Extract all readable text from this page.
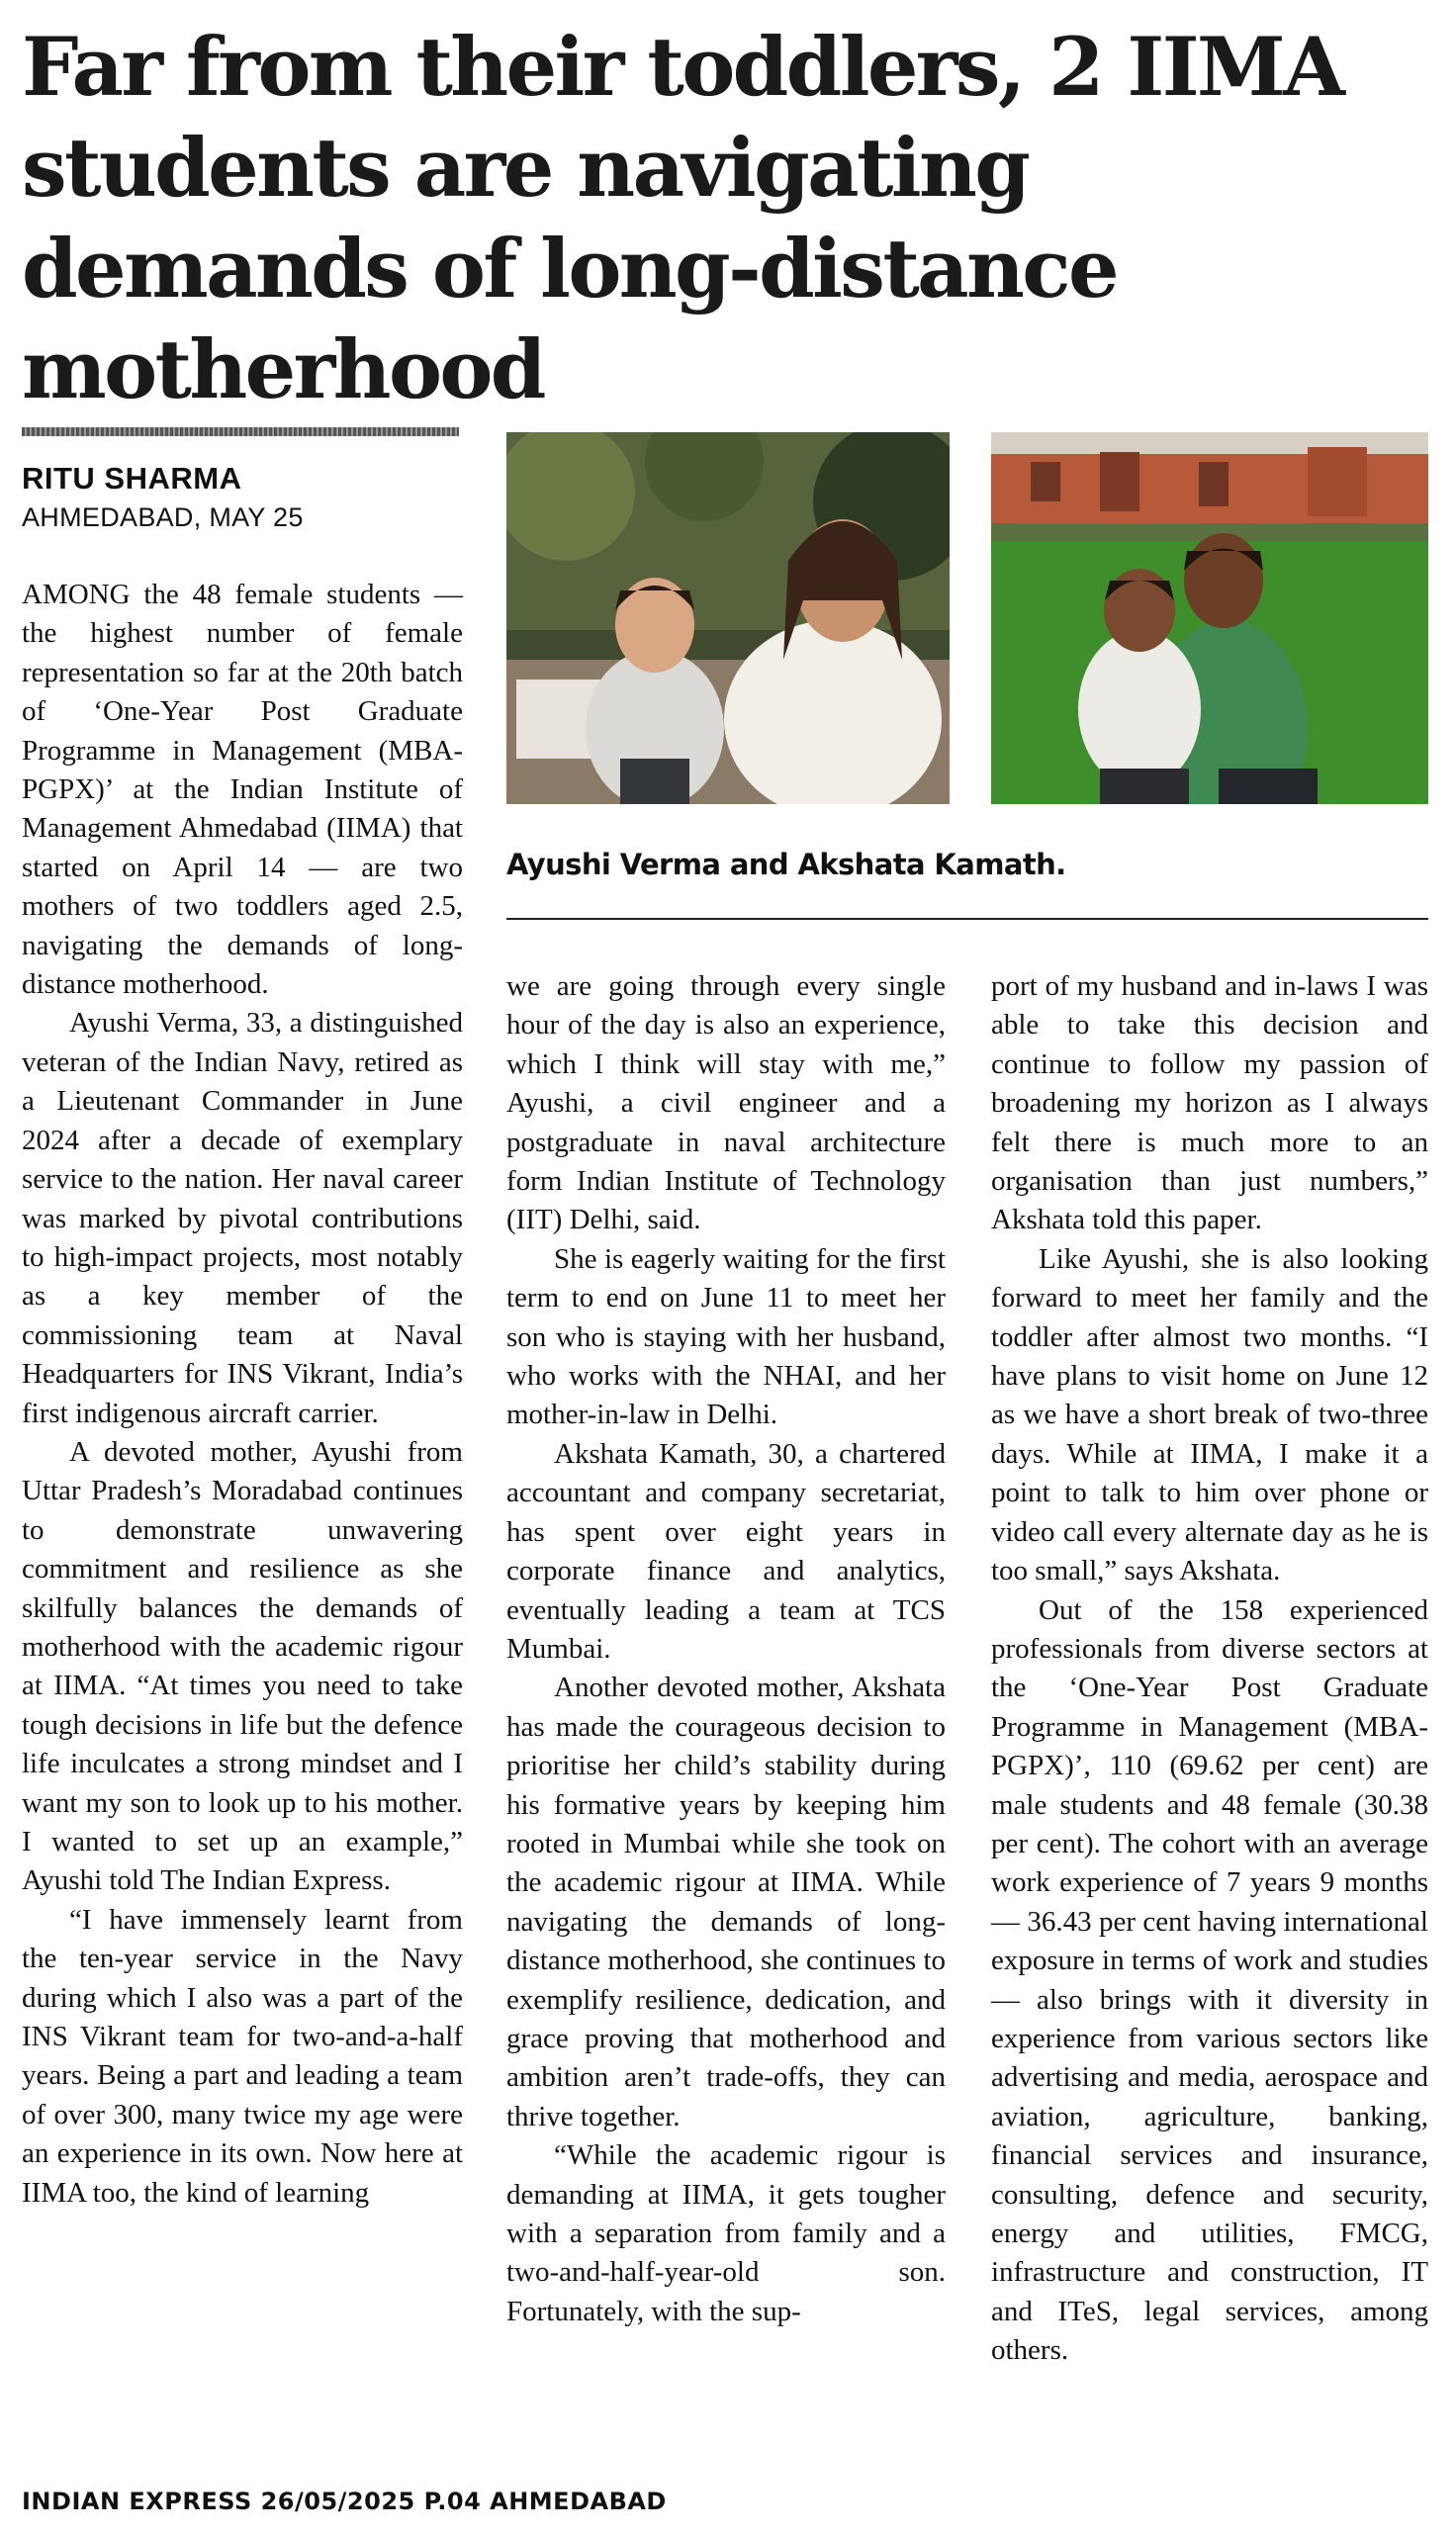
Far from their toddlers, 2 IIMA students are navigating demands of long-distance motherhood
RITU SHARMA
AHMEDABAD, MAY 25

AMONG the 48 female students — the highest number of female representation so far at the 20th batch of ‘One-Year Post Graduate Programme in Management (MBA-PGPX)’ at the Indian Institute of Management Ahmedabad (IIMA) that started on April 14 — are two mothers of two toddlers aged 2.5, navigating the demands of long-distance motherhood.

Ayushi Verma, 33, a distinguished veteran of the Indian Navy, retired as a Lieutenant Commander in June 2024 after a decade of exemplary service to the nation. Her naval career was marked by pivotal contributions to high-impact projects, most notably as a key member of the commissioning team at Naval Headquarters for INS Vikrant, India’s first indigenous aircraft carrier.

A devoted mother, Ayushi from Uttar Pradesh’s Moradabad continues to demonstrate unwavering commitment and resilience as she skilfully balances the demands of motherhood with the academic rigour at IIMA. “At times you need to take tough decisions in life but the defence life inculcates a strong mindset and I want my son to look up to his mother. I wanted to set up an example,” Ayushi told The Indian Express.

“I have immensely learnt from the ten-year service in the Navy during which I also was a part of the INS Vikrant team for two-and-a-half years. Being a part and leading a team of over 300, many twice my age were an experience in its own. Now here at IIMA too, the kind of learning

Ayushi Verma and Akshata Kamath.

we are going through every single hour of the day is also an experience, which I think will stay with me,” Ayushi, a civil engineer and a postgraduate in naval architecture form Indian Institute of Technology (IIT) Delhi, said.

She is eagerly waiting for the first term to end on June 11 to meet her son who is staying with her husband, who works with the NHAI, and her mother-in-law in Delhi.

Akshata Kamath, 30, a chartered accountant and company secretariat, has spent over eight years in corporate finance and analytics, eventually leading a team at TCS Mumbai.

Another devoted mother, Akshata has made the courageous decision to prioritise her child’s stability during his formative years by keeping him rooted in Mumbai while she took on the academic rigour at IIMA. While navigating the demands of long-distance motherhood, she continues to exemplify resilience, dedication, and grace proving that motherhood and ambition aren’t trade-offs, they can thrive together.

“While the academic rigour is demanding at IIMA, it gets tougher with a separation from family and a two-and-half-year-old son. Fortunately, with the sup-

port of my husband and in-laws I was able to take this decision and continue to follow my passion of broadening my horizon as I always felt there is much more to an organisation than just numbers,” Akshata told this paper.

Like Ayushi, she is also looking forward to meet her family and the toddler after almost two months. “I have plans to visit home on June 12 as we have a short break of two-three days. While at IIMA, I make it a point to talk to him over phone or video call every alternate day as he is too small,” says Akshata.

Out of the 158 experienced professionals from diverse sectors at the ‘One-Year Post Graduate Programme in Management (MBA-PGPX)’, 110 (69.62 per cent) are male students and 48 female (30.38 per cent). The cohort with an average work experience of 7 years 9 months — 36.43 per cent having international exposure in terms of work and studies — also brings with it diversity in experience from various sectors like advertising and media, aerospace and aviation, agriculture, banking, financial services and insurance, consulting, defence and security, energy and utilities, FMCG, infrastructure and construction, IT and ITeS, legal services, among others.

INDIAN EXPRESS 26/05/2025 P.04 AHMEDABAD
